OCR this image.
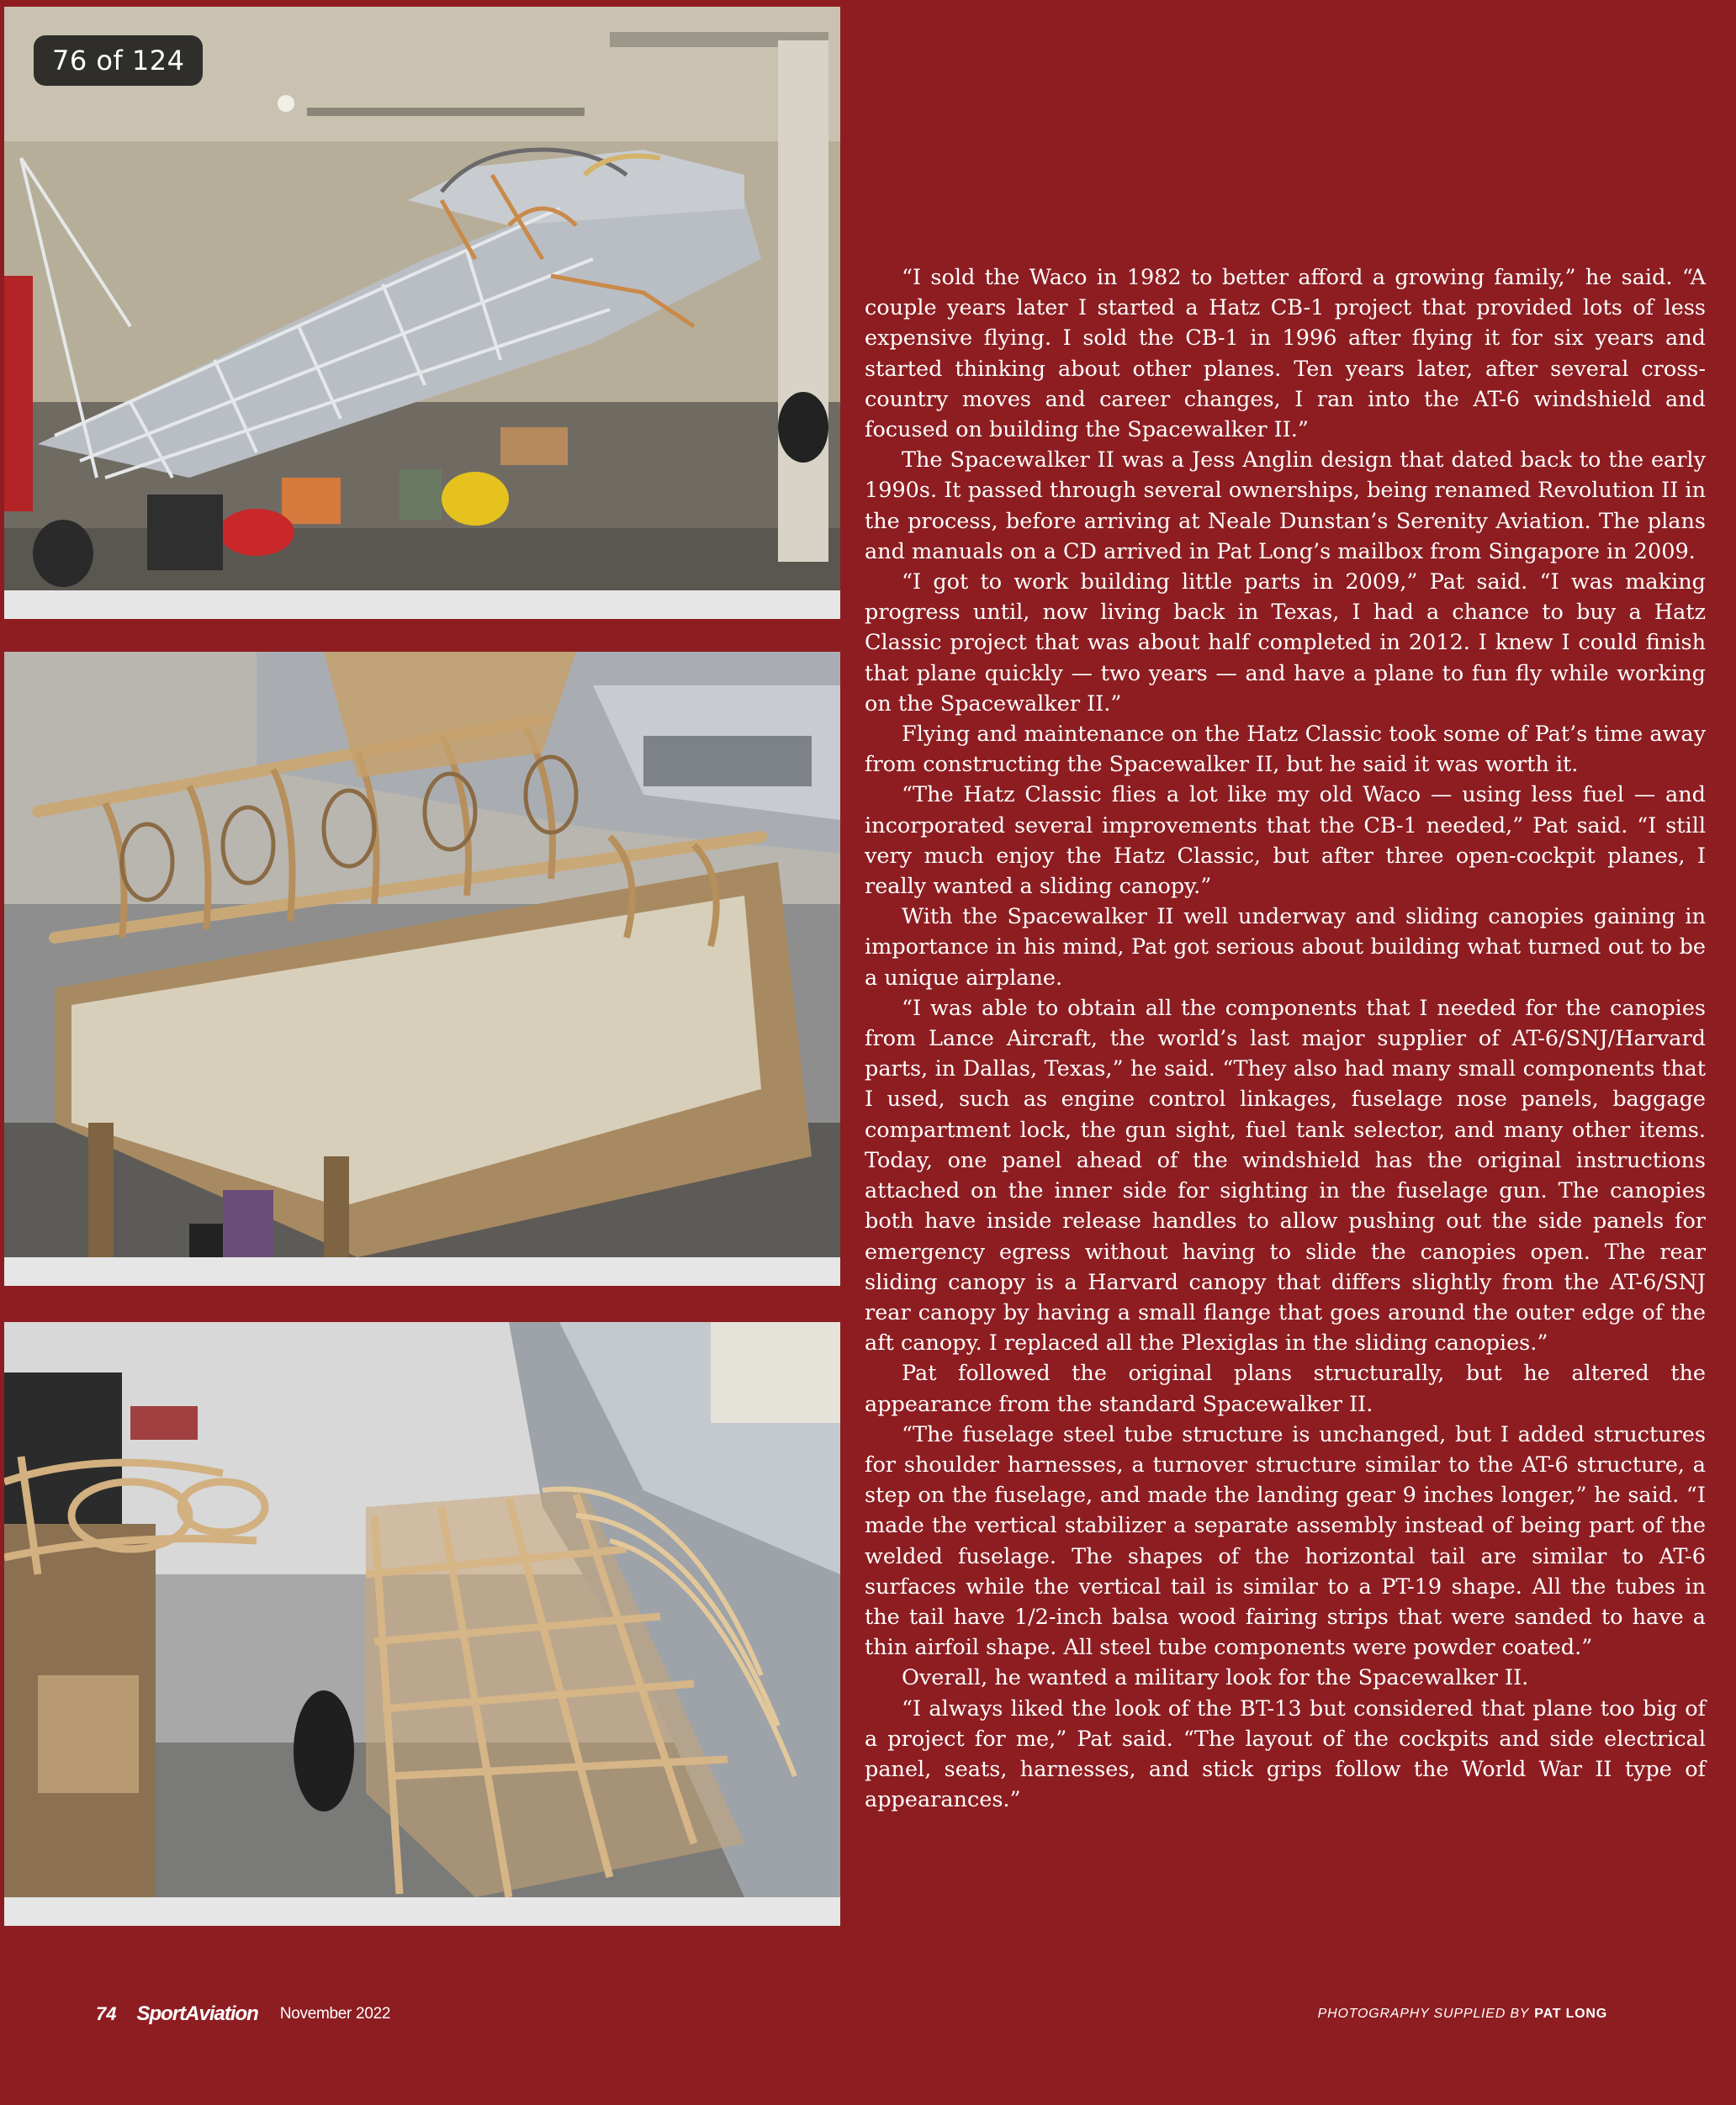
76 of 124

“I sold the Waco in 1982 to better afford a growing family,” he said. “A couple years later I started a Hatz CB-1 project that provided lots of less expensive flying. I sold the CB-1 in 1996 after flying it for six years and started thinking about other planes. Ten years later, after several cross-country moves and career changes, I ran into the AT-6 windshield and focused on building the Spacewalker II.”

The Spacewalker II was a Jess Anglin design that dated back to the early 1990s. It passed through several ownerships, being renamed Revolution II in the process, before arriving at Neale Dunstan’s Serenity Aviation. The plans and manuals on a CD arrived in Pat Long’s mailbox from Singapore in 2009.

“I got to work building little parts in 2009,” Pat said. “I was making progress until, now living back in Texas, I had a chance to buy a Hatz Classic project that was about half completed in 2012. I knew I could finish that plane quickly — two years — and have a plane to fun fly while working on the Spacewalker II.”

Flying and maintenance on the Hatz Classic took some of Pat’s time away from constructing the Spacewalker II, but he said it was worth it.

“The Hatz Classic flies a lot like my old Waco — using less fuel — and incorporated several improvements that the CB-1 needed,” Pat said. “I still very much enjoy the Hatz Classic, but after three open-cockpit planes, I really wanted a sliding canopy.”

With the Spacewalker II well underway and sliding canopies gaining in importance in his mind, Pat got serious about building what turned out to be a unique airplane.

“I was able to obtain all the components that I needed for the canopies from Lance Aircraft, the world’s last major supplier of AT-6/SNJ/Harvard parts, in Dallas, Texas,” he said. “They also had many small components that I used, such as engine control linkages, fuselage nose panels, baggage compartment lock, the gun sight, fuel tank selector, and many other items. Today, one panel ahead of the windshield has the original instructions attached on the inner side for sighting in the fuselage gun. The canopies both have inside release handles to allow pushing out the side panels for emergency egress without having to slide the canopies open. The rear sliding canopy is a Harvard canopy that differs slightly from the AT-6/SNJ rear canopy by having a small flange that goes around the outer edge of the aft canopy. I replaced all the Plexiglas in the sliding canopies.”

Pat followed the original plans structurally, but he altered the appearance from the standard Spacewalker II.

“The fuselage steel tube structure is unchanged, but I added structures for shoulder harnesses, a turnover structure similar to the AT-6 structure, a step on the fuselage, and made the landing gear 9 inches longer,” he said. “I made the vertical stabilizer a separate assembly instead of being part of the welded fuselage. The shapes of the horizontal tail are similar to AT-6 surfaces while the vertical tail is similar to a PT-19 shape. All the tubes in the tail have 1/2-inch balsa wood fairing strips that were sanded to have a thin airfoil shape. All steel tube components were powder coated.”

Overall, he wanted a military look for the Spacewalker II.

“I always liked the look of the BT-13 but considered that plane too big of a project for me,” Pat said. “The layout of the cockpits and side electrical panel, seats, harnesses, and stick grips follow the World War II type of appearances.”

74 SportAviation November 2022	PHOTOGRAPHY SUPPLIED BY PAT LONG
